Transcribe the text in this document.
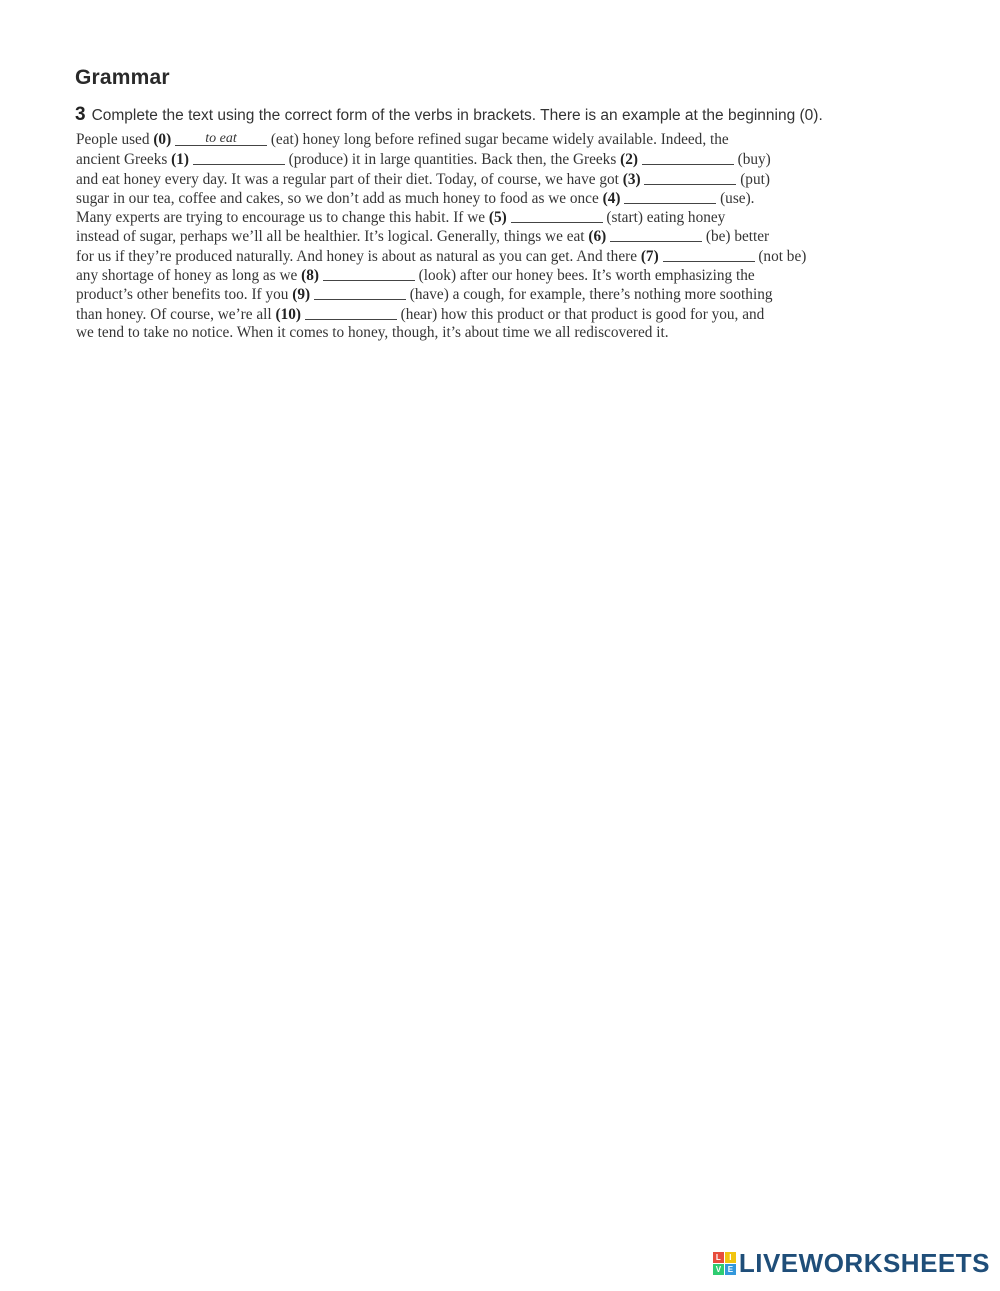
Grammar
3 Complete the text using the correct form of the verbs in brackets. There is an example at the beginning (0).
People used (0) to eat (eat) honey long before refined sugar became widely available. Indeed, the
ancient Greeks (1)	(produce) it in large quantities. Back then, the Greeks (2)	(buy)
and eat honey every day. It was a regular part of their diet. Today, of course, we have got (3)	(put)
sugar in our tea, coffee and cakes, so we don’t add as much honey to food as we once (4)	(use).
Many experts are trying to encourage us to change this habit. If we (5)	(start) eating honey
instead of sugar, perhaps we’ll all be healthier. It’s logical. Generally, things we eat (6)	(be) better
for us if they’re produced naturally. And honey is about as natural as you can get. And there (7)	(not be)
any shortage of honey as long as we (8)	(look) after our honey bees. It’s worth emphasizing the
product’s other benefits too. If you (9)	(have) a cough, for example, there’s nothing more soothing
than honey. Of course, we’re all (10)	(hear) how this product or that product is good for you, and
we tend to take no notice. When it comes to honey, though, it’s about time we all rediscovered it.
L	I
V E LIVEWORKSHEETS
